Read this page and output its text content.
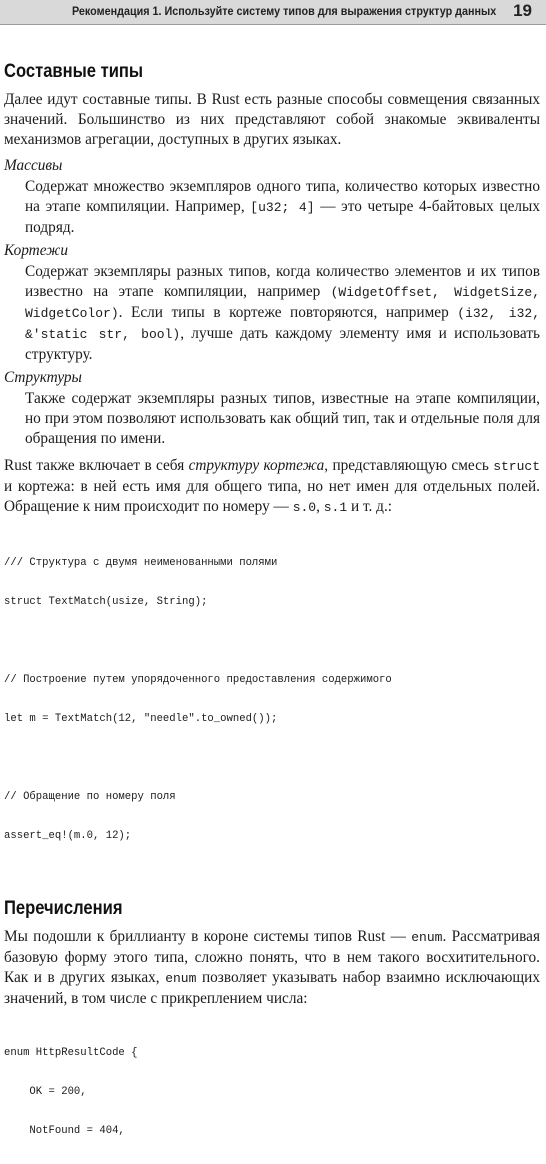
Рекомендация 1. Используйте систему типов для выражения структур данных 19
Составные типы

Далее идут составные типы. В Rust есть разные способы совмещения связанных значений. Большинство из них представляют собой знакомые эквиваленты механизмов агрегации, доступных в других языках.

Массивы

Содержат множество экземпляров одного типа, количество которых известно на этапе компиляции. Например, [u32; 4] — это четыре 4-байтовых целых подряд.

Кортежи

Содержат экземпляры разных типов, когда количество элементов и их типов известно на этапе компиляции, например (WidgetOffset, WidgetSize, WidgetColor). Если типы в кортеже повторяются, например (i32, i32, &'static str, bool), лучше дать каждому элементу имя и использовать структуру.

Структуры

Также содержат экземпляры разных типов, известные на этапе компиляции, но при этом позволяют использовать как общий тип, так и отдельные поля для обращения по имени.

Rust также включает в себя структуру кортежа, представляющую смесь struct и кортежа: в ней есть имя для общего типа, но нет имен для отдельных полей. Обращение к ним происходит по номеру — s.0, s.1 и т. д.:

/// Структура с двумя неименованными полями

struct TextMatch(usize, String);

// Построение путем упорядоченного предоставления содержимого

let m = TextMatch(12, "needle".to_owned());

// Обращение по номеру поля

assert_eq!(m.0, 12);

Перечисления

Мы подошли к бриллианту в короне системы типов Rust — enum. Рассматривая базовую форму этого типа, сложно понять, что в нем такого восхитительного. Как и в других языках, enum позволяет указывать набор взаимно исключающих значений, в том числе с прикреплением числа:

enum HttpResultCode {

OK = 200,

NotFound = 404,
